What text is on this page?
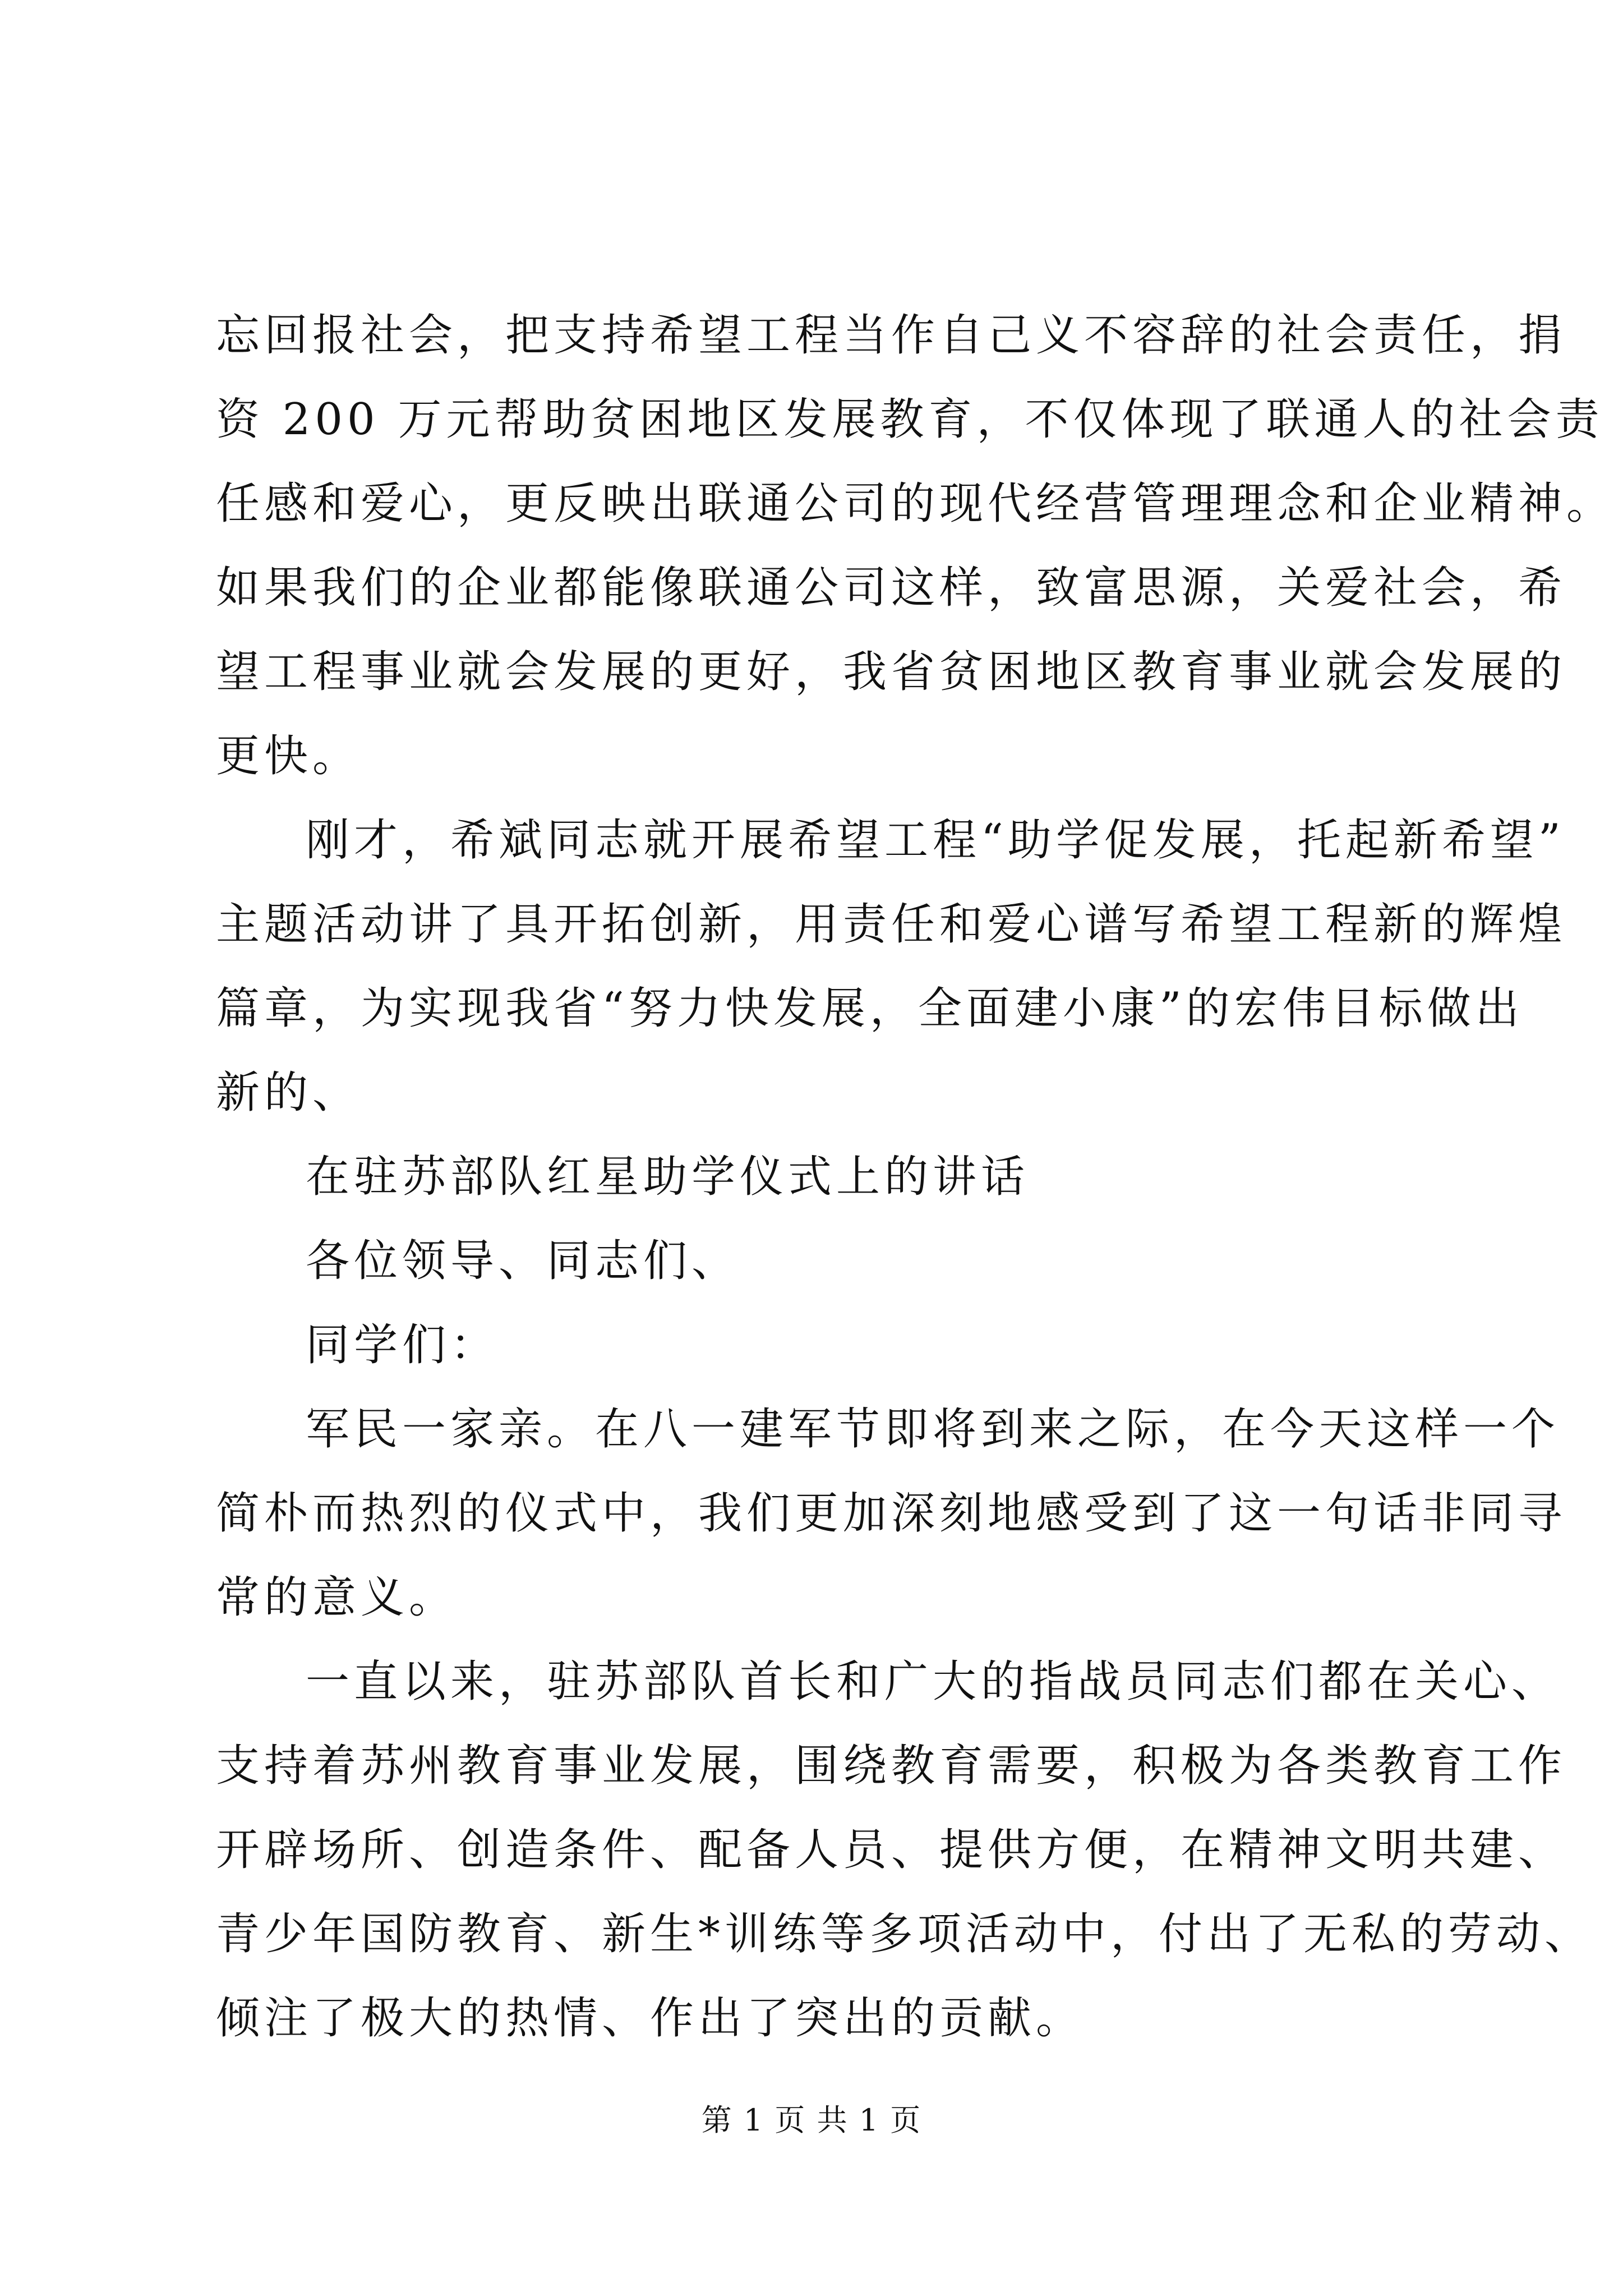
忘回报社会，把支持希望工程当作自己义不容辞的社会责任，捐
资 200 万元帮助贫困地区发展教育，不仅体现了联通人的社会责
任感和爱心，更反映出联通公司的现代经营管理理念和企业精神。
如果我们的企业都能像联通公司这样，致富思源，关爱社会，希
望工程事业就会发展的更好，我省贫困地区教育事业就会发展的
更快。
刚才，希斌同志就开展希望工程“助学促发展，托起新希望”
主题活动讲了具开拓创新，用责任和爱心谱写希望工程新的辉煌
篇章，为实现我省“努力快发展，全面建小康”的宏伟目标做出
新的、
在驻苏部队红星助学仪式上的讲话
各位领导、同志们、
同学们：
军民一家亲。在八一建军节即将到来之际，在今天这样一个
简朴而热烈的仪式中，我们更加深刻地感受到了这一句话非同寻
常的意义。
一直以来，驻苏部队首长和广大的指战员同志们都在关心、
支持着苏州教育事业发展，围绕教育需要，积极为各类教育工作
开辟场所、创造条件、配备人员、提供方便，在精神文明共建、
青少年国防教育、新生*训练等多项活动中，付出了无私的劳动、
倾注了极大的热情、作出了突出的贡献。
第 1 页 共 1 页
